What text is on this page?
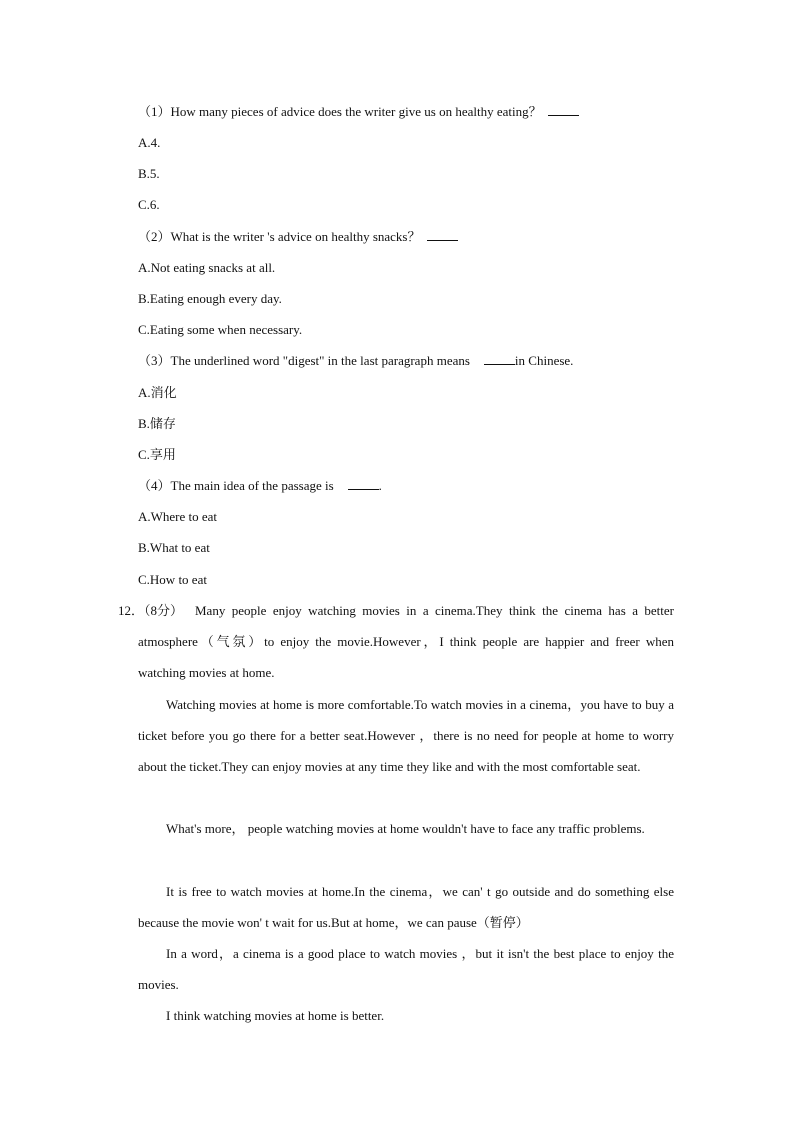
（1）How many pieces of advice does the writer give us on healthy eating？
A.4.
B.5.
C.6.
（2）What is the writer 's advice on healthy snacks？
A.Not eating snacks at all.
B.Eating enough every day.
C.Eating some when necessary.
（3）The underlined word "digest" in the last paragraph means	in Chinese.
A.消化
B.储存
C.享用
（4）The main idea of the passage is	.
A.Where to eat
B.What to eat
C.How to eat
12．（8分） Many people enjoy watching movies in a cinema.They think the cinema has a better atmosphere（气氛）to enjoy the movie.However，I think people are happier and freer when watching movies at home.
Watching movies at home is more comfortable.To watch movies in a cinema，you have to buy a ticket before you go there for a better seat.However ，there is no need for people at home to worry about the ticket.They can enjoy movies at any time they like and with the most comfortable seat.
What's more， people watching movies at home wouldn't have to face any traffic problems.
It is free to watch movies at home.In the cinema，we can' t go outside and do something else because the movie won' t wait for us.But at home，we can pause（暂停）
In a word，a cinema is a good place to watch movies ，but it isn't the best place to enjoy the movies.
I think watching movies at home is better.
